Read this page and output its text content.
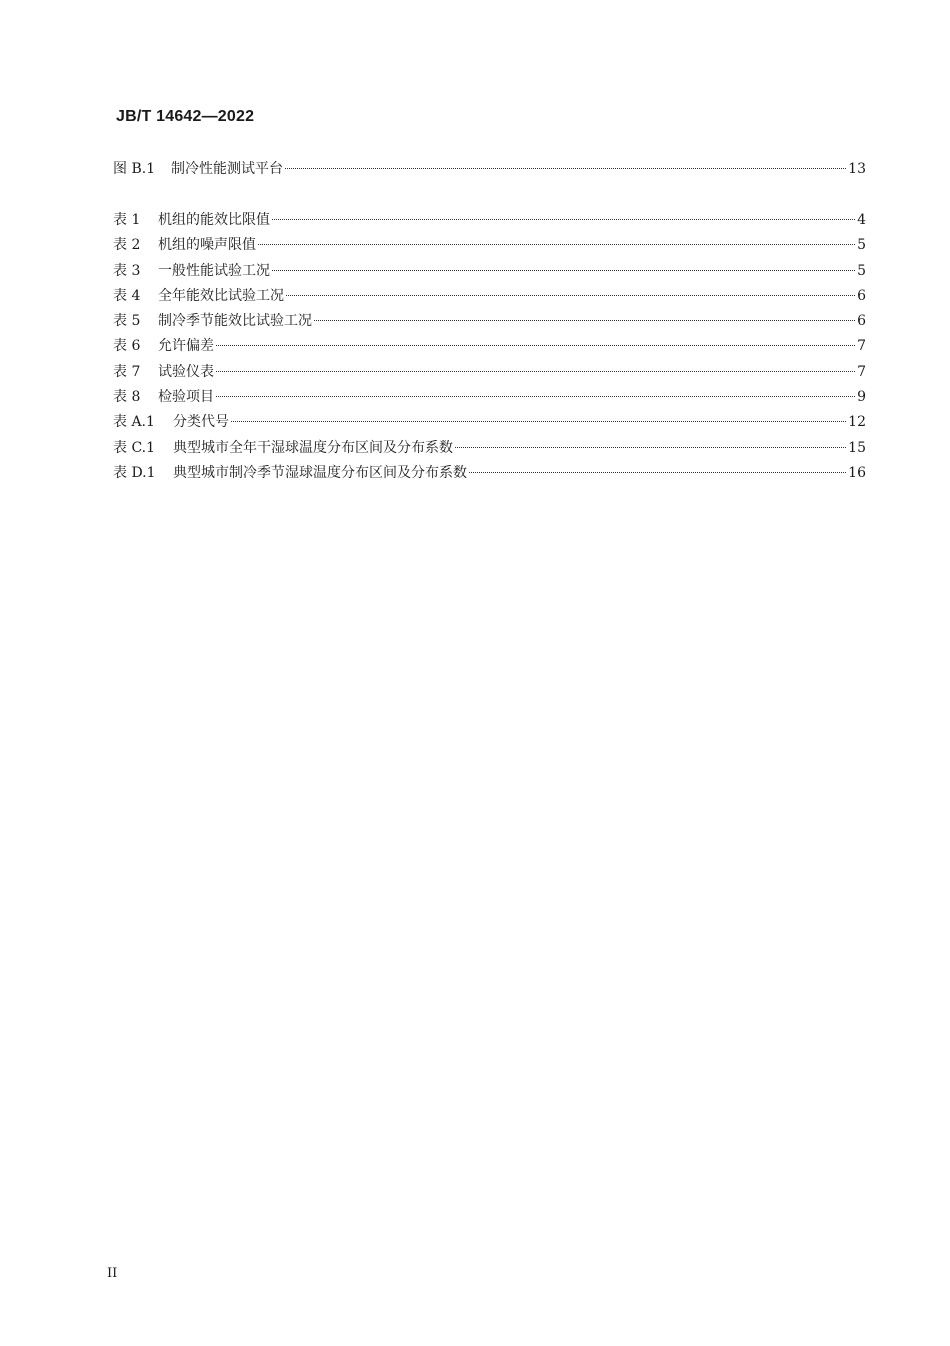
JB/T 14642—2022
图 B.1	制冷性能测试平台	13
表 1	机组的能效比限值	4
表 2	机组的噪声限值	5
表 3	一般性能试验工况	5
表 4	全年能效比试验工况	6
表 5	制冷季节能效比试验工况	6
表 6	允许偏差	7
表 7	试验仪表	7
表 8	检验项目	9
表 A.1	分类代号	12
表 C.1	典型城市全年干湿球温度分布区间及分布系数	15
表 D.1	典型城市制冷季节湿球温度分布区间及分布系数	16
II
